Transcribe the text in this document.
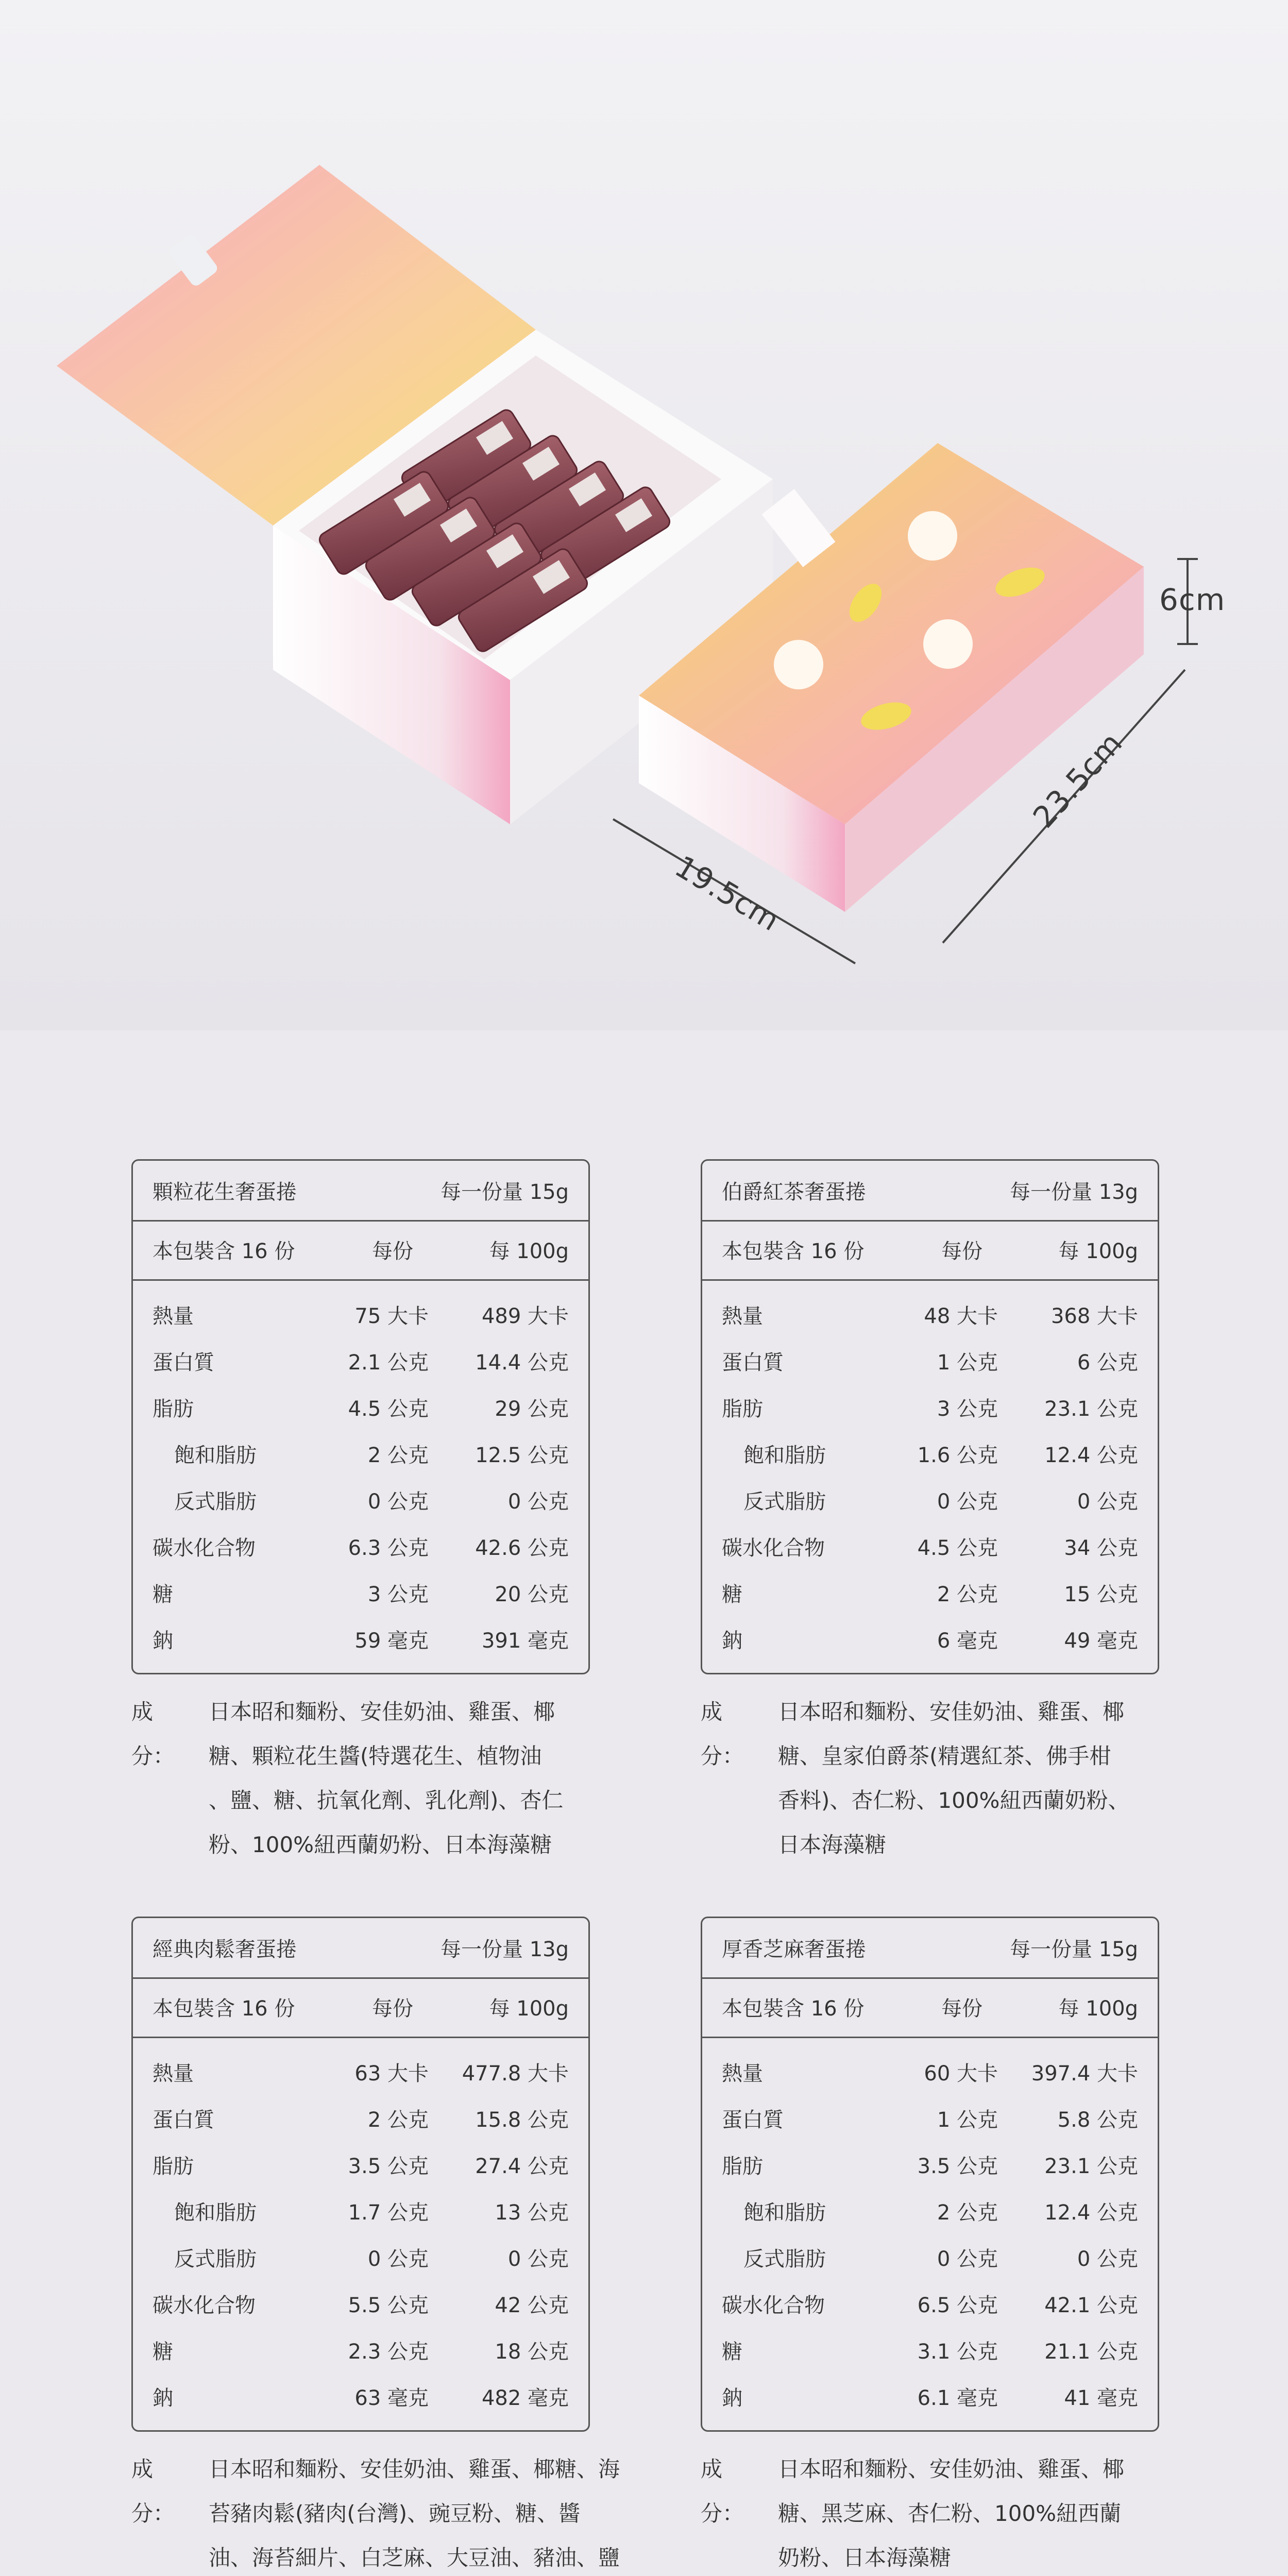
6cm
23.5cm
19.5cm
顆粒花生奢蛋捲	每一份量 15g
本包裝含 16 份	每份	每 100g
熱量	75 大卡	489 大卡
蛋白質	2.1 公克	14.4 公克
脂肪	4.5 公克	29 公克
飽和脂肪	2 公克	12.5 公克
反式脂肪	0 公克	0 公克
碳水化合物	6.3 公克	42.6 公克
糖	3 公克	20 公克
鈉	59 毫克	391 毫克
成分：
日本昭和麵粉、安佳奶油、雞蛋、椰
糖、顆粒花生醬(特選花生、植物油
、鹽、糖、抗氧化劑、乳化劑)、杏仁
粉、100%紐西蘭奶粉、日本海藻糖
伯爵紅茶奢蛋捲	每一份量 13g
本包裝含 16 份	每份	每 100g
熱量	48 大卡	368 大卡
蛋白質	1 公克	6 公克
脂肪	3 公克	23.1 公克
飽和脂肪	1.6 公克	12.4 公克
反式脂肪	0 公克	0 公克
碳水化合物	4.5 公克	34 公克
糖	2 公克	15 公克
鈉	6 毫克	49 毫克
成分：
日本昭和麵粉、安佳奶油、雞蛋、椰
糖、皇家伯爵茶(精選紅茶、佛手柑
香料)、杏仁粉、100%紐西蘭奶粉、
日本海藻糖
經典肉鬆奢蛋捲	每一份量 13g
本包裝含 16 份	每份	每 100g
熱量	63 大卡	477.8 大卡
蛋白質	2 公克	15.8 公克
脂肪	3.5 公克	27.4 公克
飽和脂肪	1.7 公克	13 公克
反式脂肪	0 公克	0 公克
碳水化合物	5.5 公克	42 公克
糖	2.3 公克	18 公克
鈉	63 毫克	482 毫克
成分：
日本昭和麵粉、安佳奶油、雞蛋、椰糖、海
苔豬肉鬆(豬肉(台灣)、豌豆粉、糖、醬
油、海苔細片、白芝麻、大豆油、豬油、鹽

厚香芝麻奢蛋捲	每一份量 15g
本包裝含 16 份	每份	每 100g
熱量	60 大卡	397.4 大卡
蛋白質	1 公克	5.8 公克
脂肪	3.5 公克	23.1 公克
飽和脂肪	2 公克	12.4 公克
反式脂肪	0 公克	0 公克
碳水化合物	6.5 公克	42.1 公克
糖	3.1 公克	21.1 公克
鈉	6.1 毫克	41 毫克
成分：
日本昭和麵粉、安佳奶油、雞蛋、椰
糖、黑芝麻、杏仁粉、100%紐西蘭
奶粉、日本海藻糖
